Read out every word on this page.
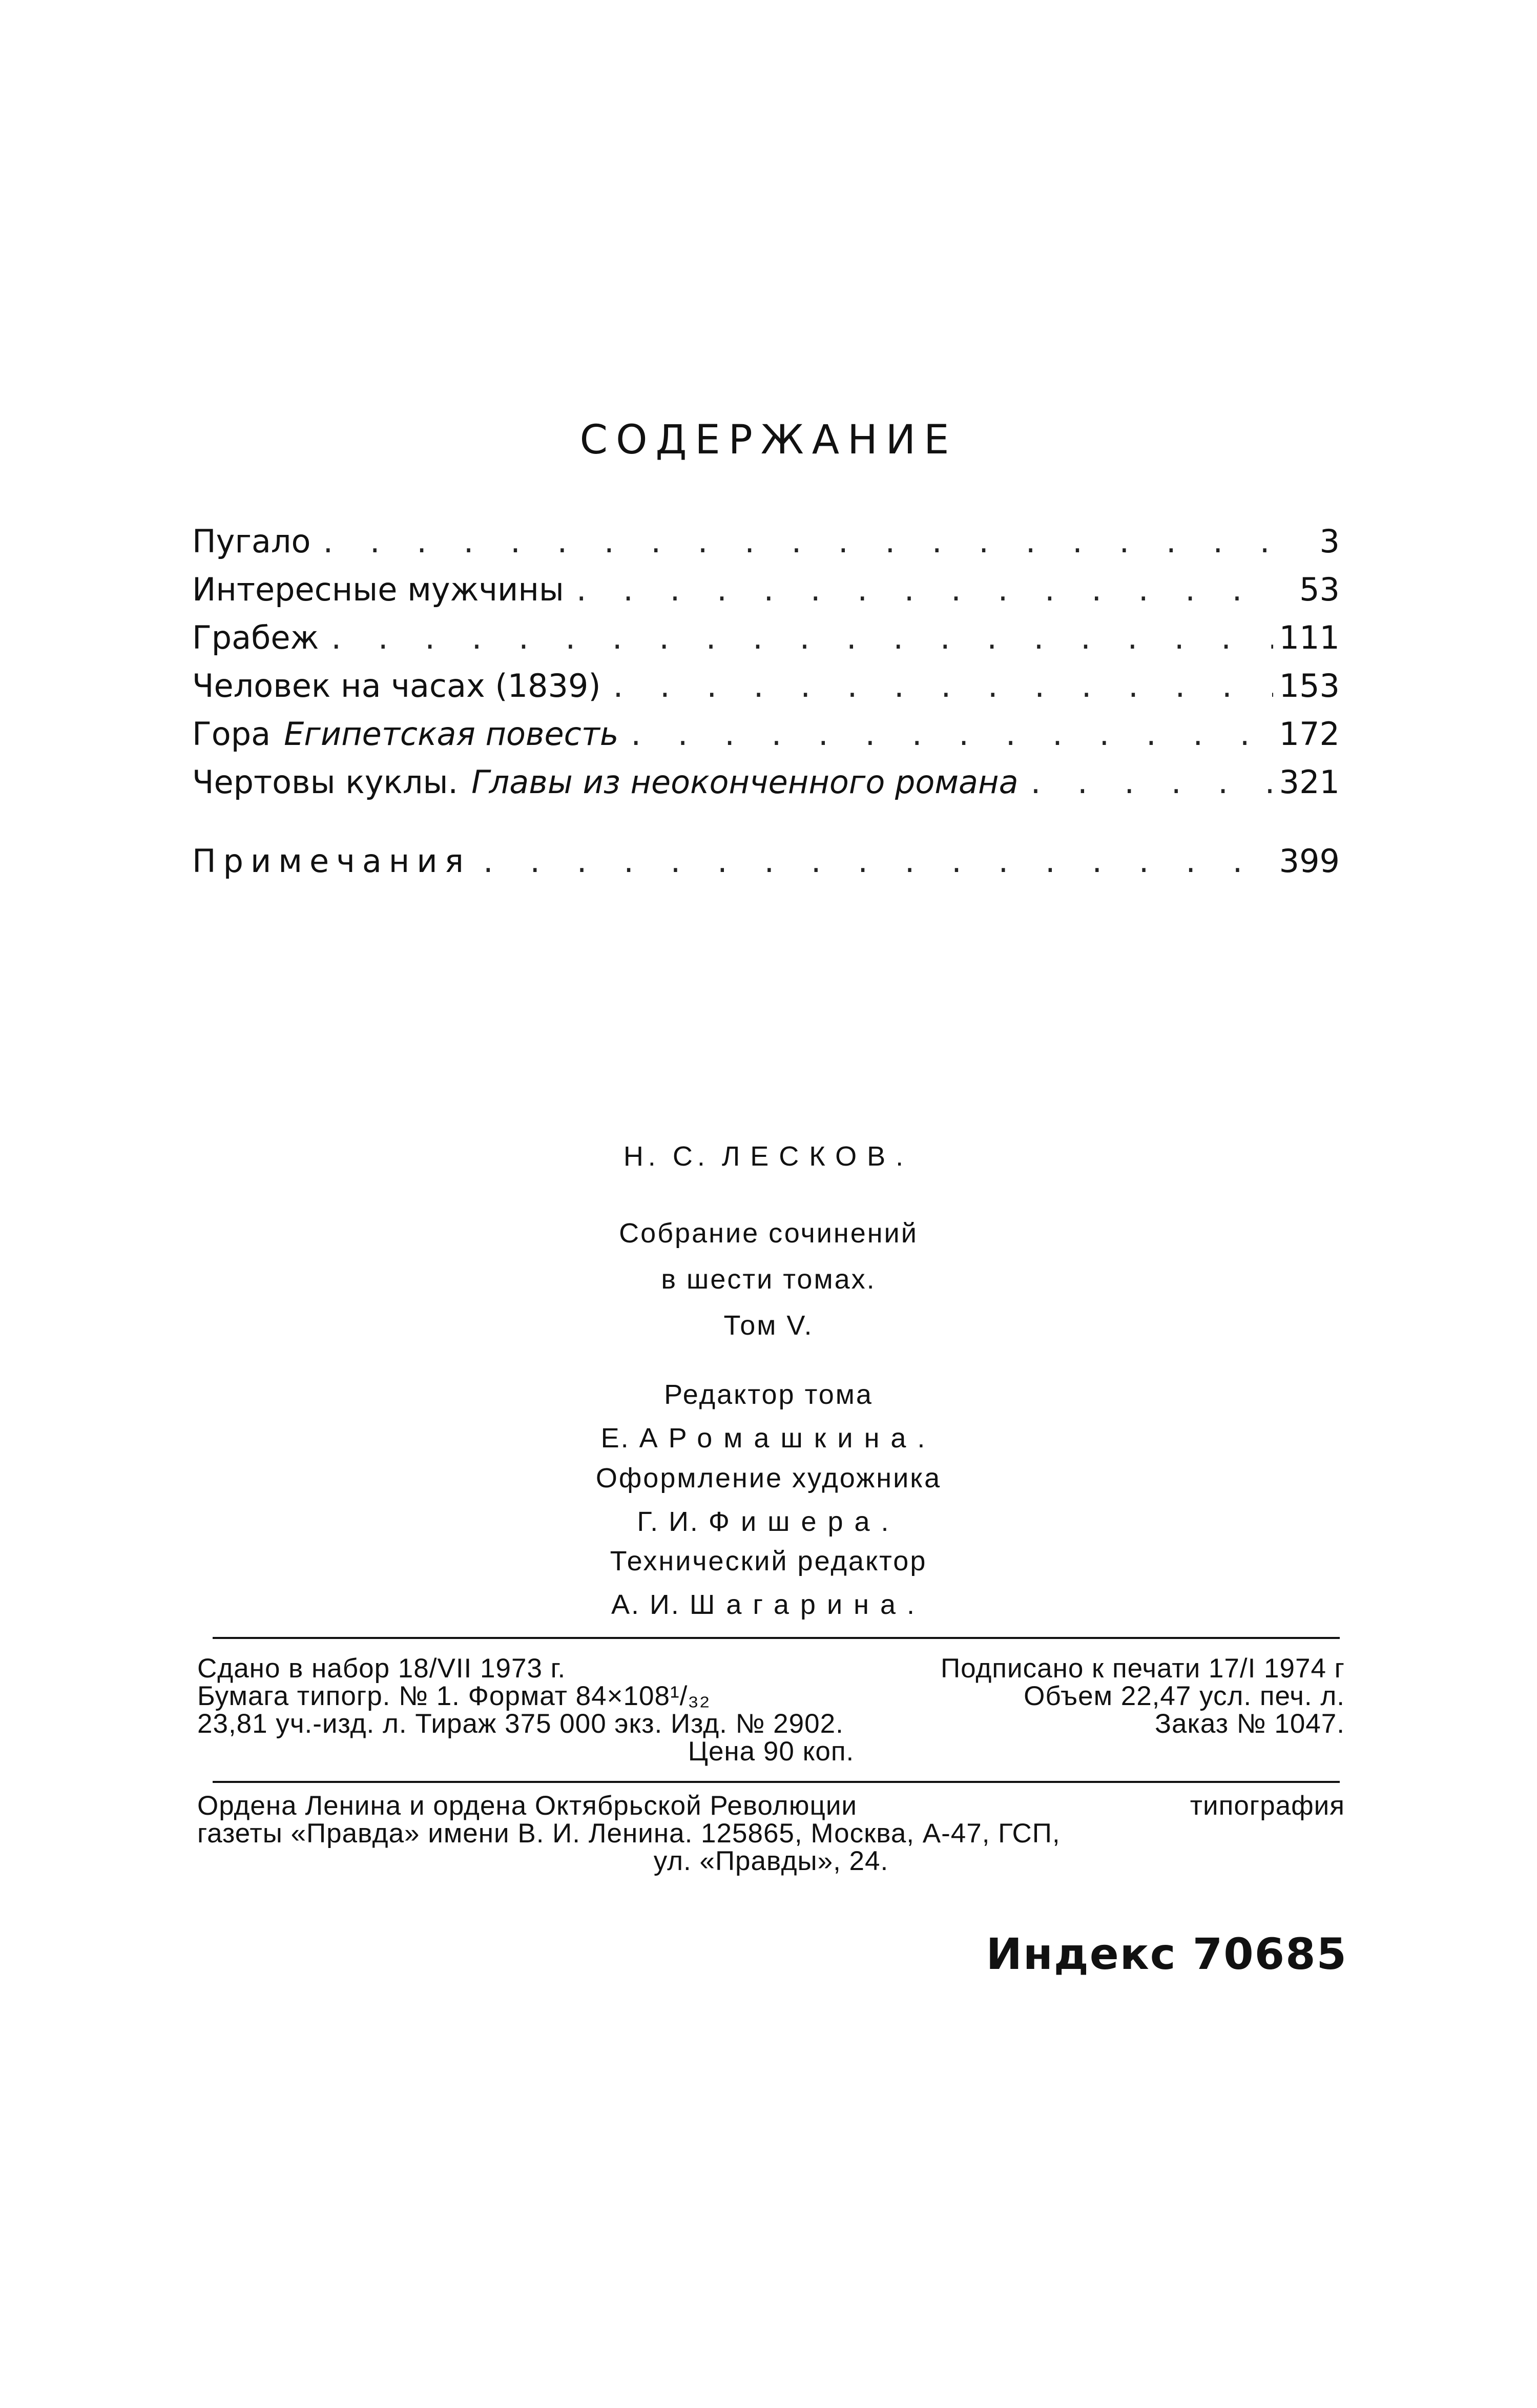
СОДЕРЖАНИЕ
Пугало . . .	3
Интересные мужчины . . .	53
Грабеж . . .	111
Человек на часах (1839) . . .	153
Гора Египетская повесть . . .	172
Чертовы куклы. Главы из неоконченного романа . . .	321
Примечания . . .	399
Н. С. ЛЕСКОВ.
Собрание сочинений
в шести томах.
Том V.
Редактор тома
Е. А Ромашкина.
Оформление художника
Г. И. Фишера.
Технический редактор
А. И. Шагарина.
Сдано в набор 18/VII 1973 г.	Подписано к печати 17/I 1974 г
Бумага типогр. № 1. Формат 84×108¹/₃₂	Объем 22,47 усл. печ. л.
23,81 уч.-изд. л. Тираж 375 000 экз. Изд. № 2902.	Заказ № 1047.
Цена 90 коп.
Ордена Ленина и ордена Октябрьской Революции	типография
газеты «Правда» имени В. И. Ленина. 125865, Москва, А-47, ГСП,
ул. «Правды», 24.
Индекс 70685
